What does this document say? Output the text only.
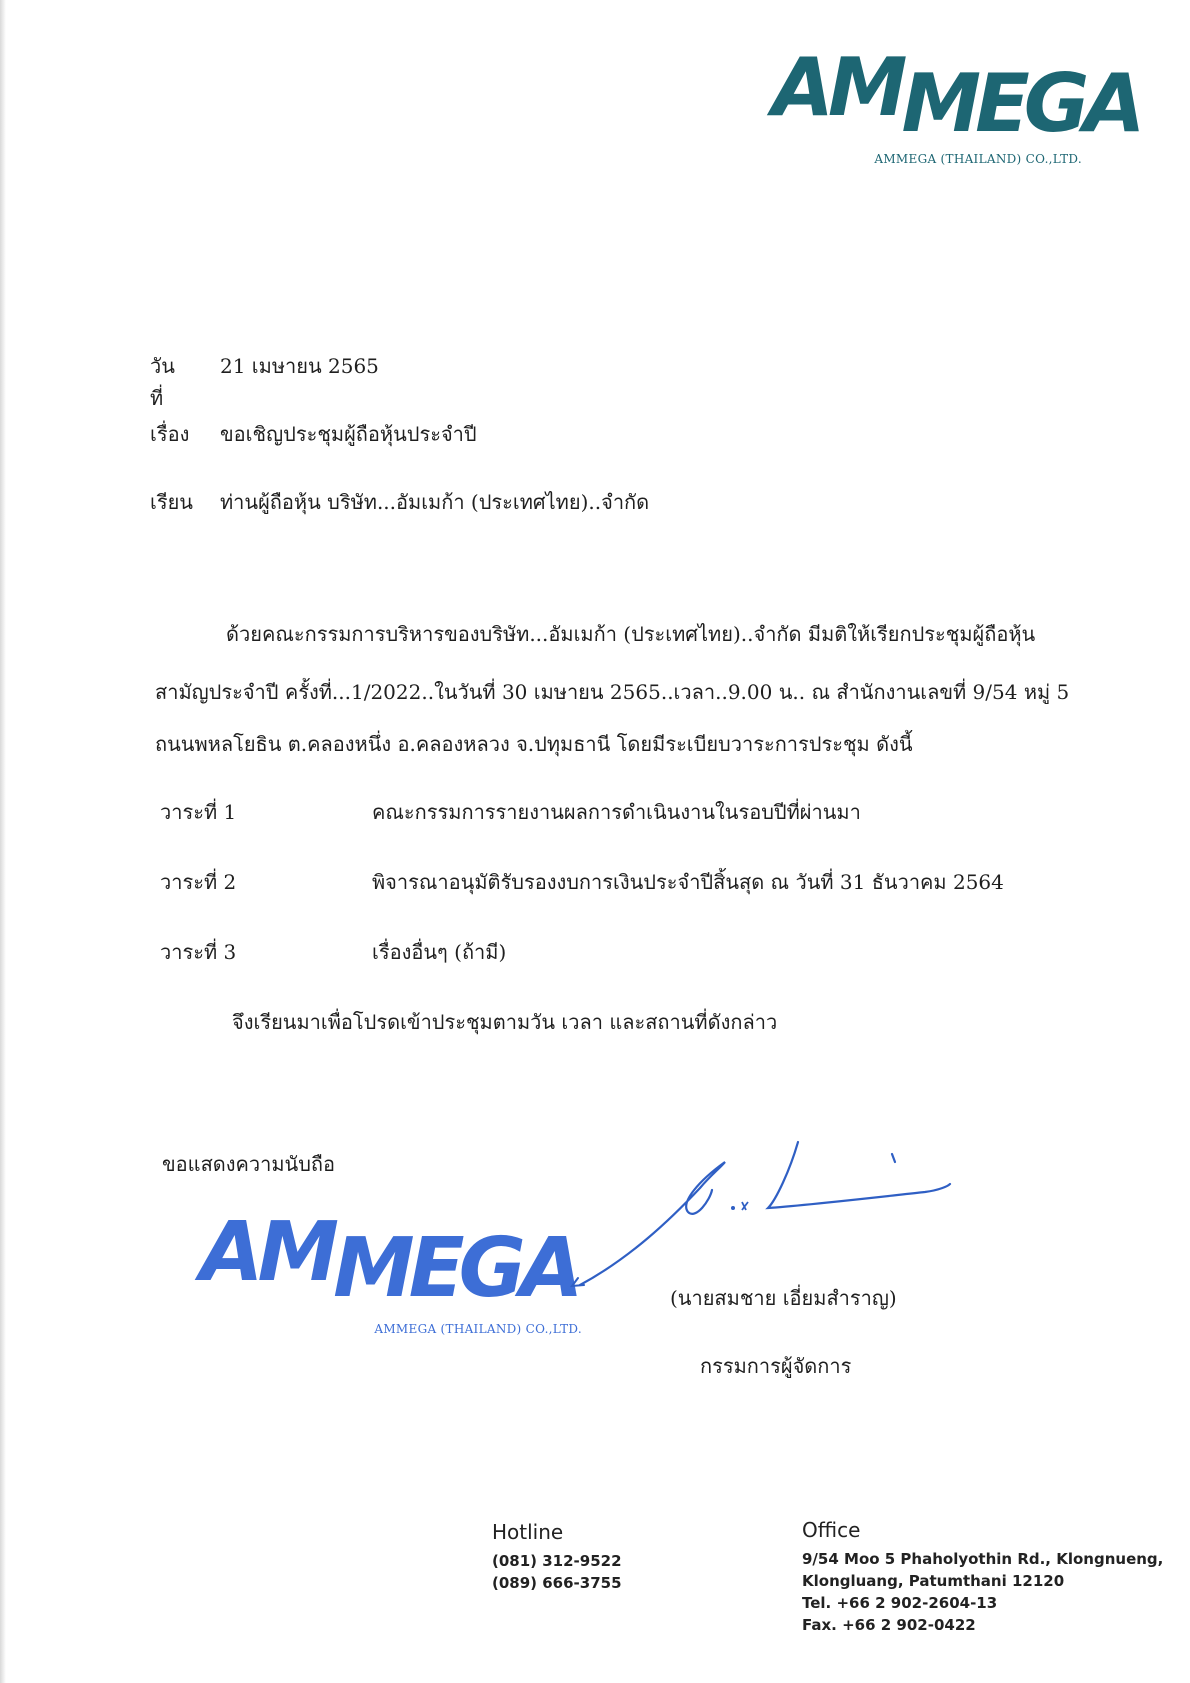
AM MEGA
AMMEGA (THAILAND) CO.,LTD.
วันที่
21 เมษายน 2565
เรื่อง ขอเชิญประชุมผู้ถือหุ้นประจำปี
เรียน ท่านผู้ถือหุ้น บริษัท...อัมเมก้า (ประเทศไทย)..จำกัด
ด้วยคณะกรรมการบริหารของบริษัท...อัมเมก้า (ประเทศไทย)..จำกัด มีมติให้เรียกประชุมผู้ถือหุ้น
สามัญประจำปี ครั้งที่...1/2022..ในวันที่ 30 เมษายน 2565..เวลา..9.00 น.. ณ สำนักงานเลขที่ 9/54 หมู่ 5
ถนนพหลโยธิน ต.คลองหนึ่ง อ.คลองหลวง จ.ปทุมธานี โดยมีระเบียบวาระการประชุม ดังนี้
วาระที่ 1	คณะกรรมการรายงานผลการดำเนินงานในรอบปีที่ผ่านมา
วาระที่ 2	พิจารณาอนุมัติรับรองงบการเงินประจำปีสิ้นสุด ณ วันที่ 31 ธันวาคม 2564
วาระที่ 3	เรื่องอื่นๆ (ถ้ามี)
จึงเรียนมาเพื่อโปรดเข้าประชุมตามวัน เวลา และสถานที่ดังกล่าว
ขอแสดงความนับถือ
AM MEGA
AMMEGA (THAILAND) CO.,LTD.
(นายสมชาย เอี่ยมสำราญ)
กรรมการผู้จัดการ
Hotline
(081) 312-9522
(089) 666-3755
Office
9/54 Moo 5 Phaholyothin Rd., Klongnueng,
Klongluang, Patumthani 12120
Tel. +66 2 902-2604-13
Fax. +66 2 902-0422
